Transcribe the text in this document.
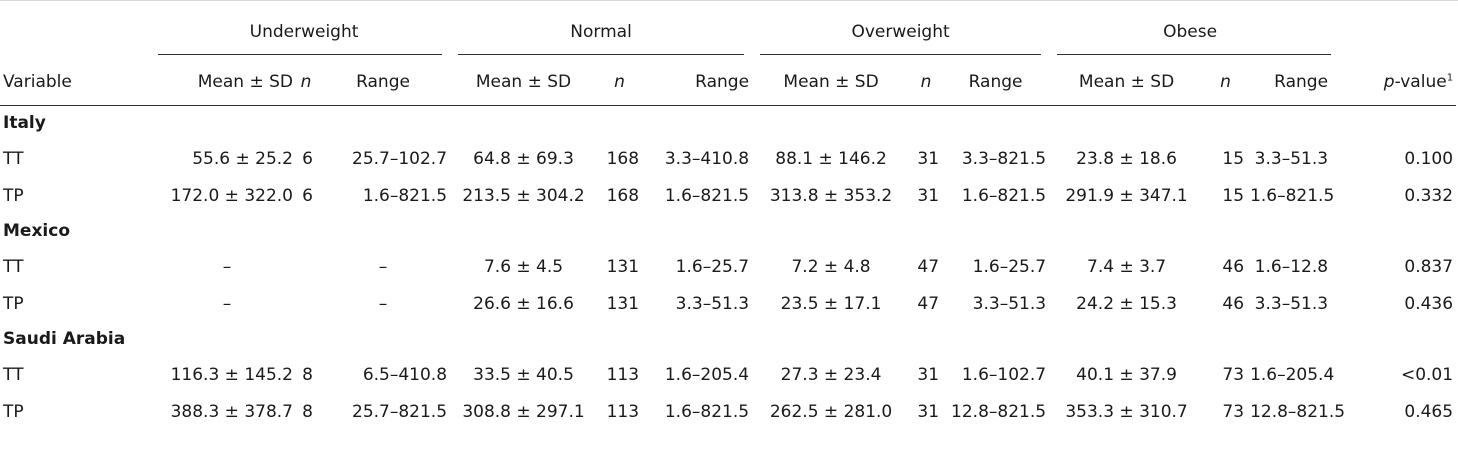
	Underweight			Normal			Overweight			Obese			

Variable	Mean ± SD	n	Range	Mean ± SD	n	Range	Mean ± SD	n	Range	Mean ± SD	n	Range	p-value$^1$
Italy													
TT	55.6 ± 25.2	6	25.7–102.7	64.8 ± 69.3	168	3.3–410.8	88.1 ± 146.2	31	3.3–821.5	23.8 ± 18.6	15	3.3–51.3	0.100
TP	172.0 ± 322.0	6	1.6–821.5	213.5 ± 304.2	168	1.6–821.5	313.8 ± 353.2	31	1.6–821.5	291.9 ± 347.1	15	1.6–821.5	0.332
Mexico													
TT	–		–	7.6 ± 4.5	131	1.6–25.7	7.2 ± 4.8	47	1.6–25.7	7.4 ± 3.7	46	1.6–12.8	0.837
TP	–		–	26.6 ± 16.6	131	3.3–51.3	23.5 ± 17.1	47	3.3–51.3	24.2 ± 15.3	46	3.3–51.3	0.436
Saudi Arabia													
TT	116.3 ± 145.2	8	6.5–410.8	33.5 ± 40.5	113	1.6–205.4	27.3 ± 23.4	31	1.6–102.7	40.1 ± 37.9	73	1.6–205.4	<0.01
TP	388.3 ± 378.7	8	25.7–821.5	308.8 ± 297.1	113	1.6–821.5	262.5 ± 281.0	31	12.8–821.5	353.3 ± 310.7	73	12.8–821.5	0.465
